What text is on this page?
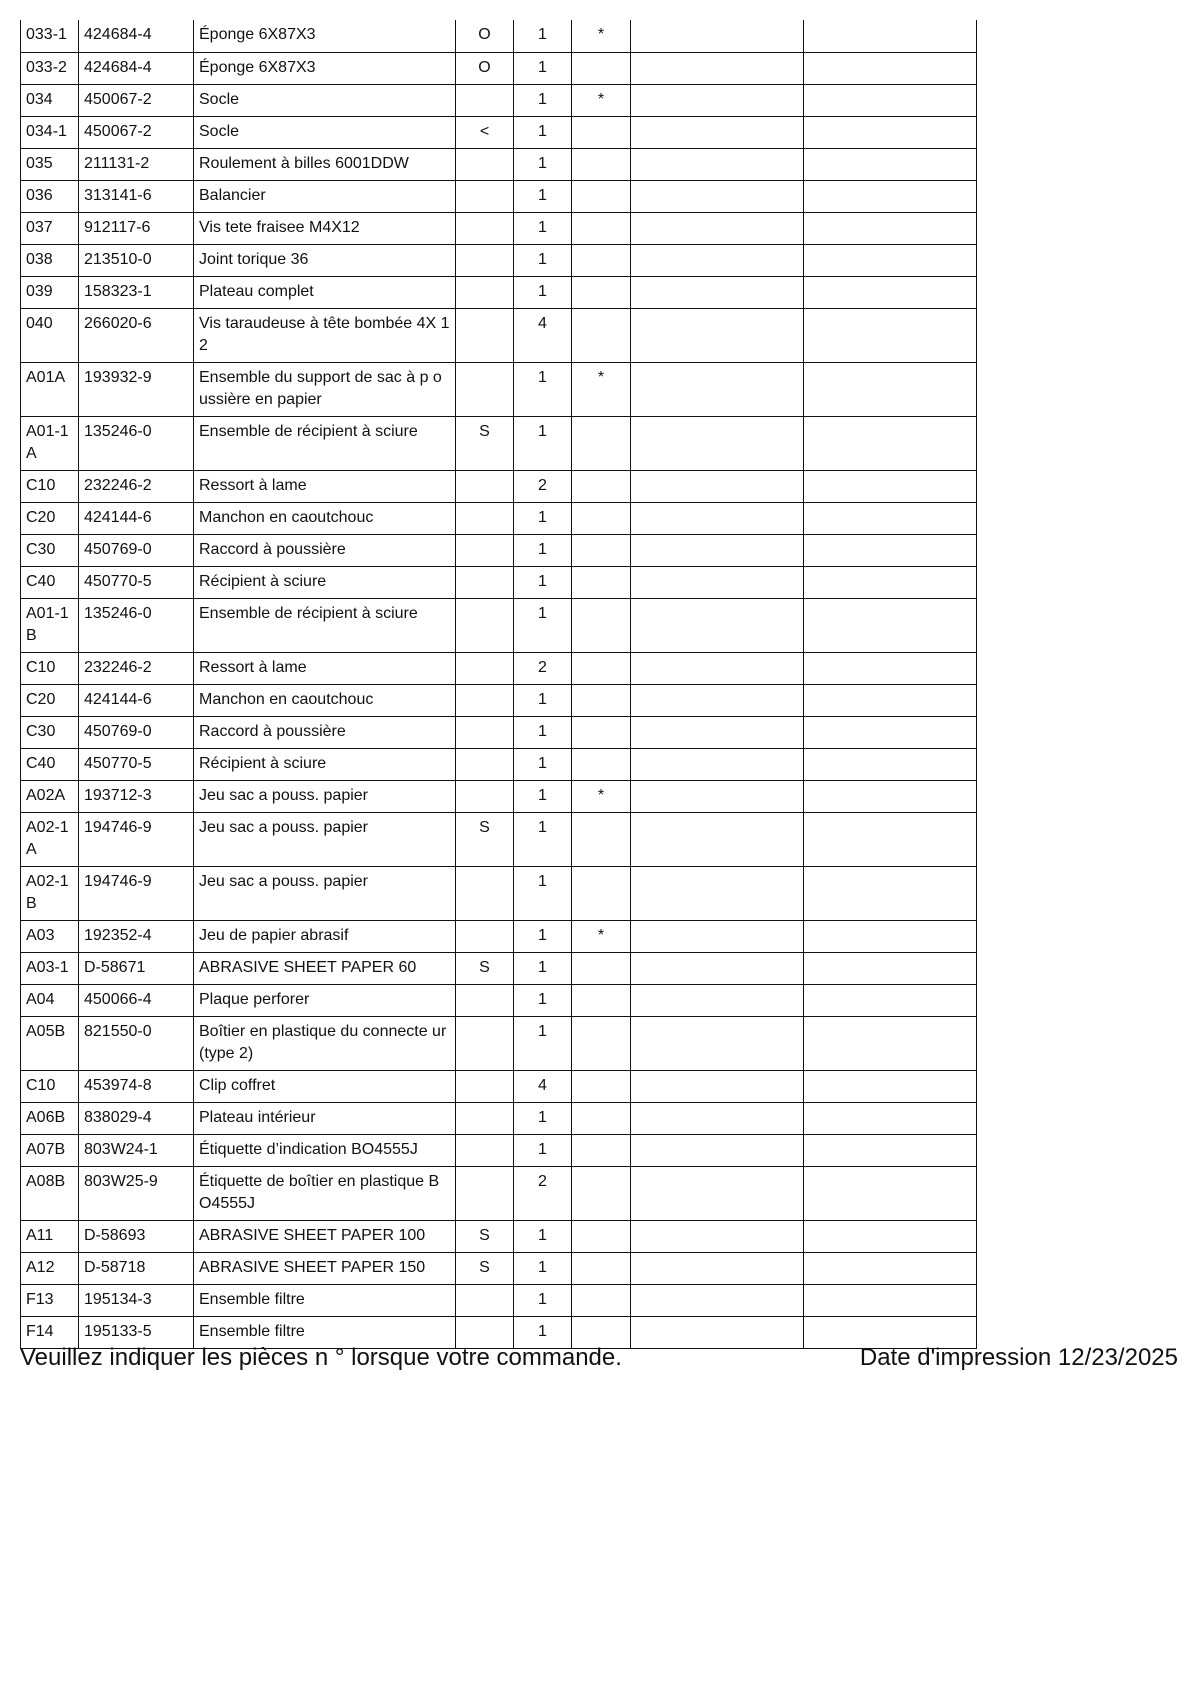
033-1	424684-4	Éponge 6X87X3	O	1	*		
033-2	424684-4	Éponge 6X87X3	O	1			
034	450067-2	Socle		1	*		
034-1	450067-2	Socle	<	1			
035	211131-2	Roulement à billes 6001DDW		1			
036	313141-6	Balancier		1			
037	912117-6	Vis tete fraisee M4X12		1			
038	213510-0	Joint torique 36		1			
039	158323-1	Plateau complet		1			
040	266020-6	Vis taraudeuse à tête bombée 4X 12		4			
A01A	193932-9	Ensemble du support de sac à p oussière en papier		1	*		
A01-1A	135246-0	Ensemble de récipient à sciure	S	1			
C10	232246-2	Ressort à lame		2			
C20	424144-6	Manchon en caoutchouc		1			
C30	450769-0	Raccord à poussière		1			
C40	450770-5	Récipient à sciure		1			
A01-1B	135246-0	Ensemble de récipient à sciure		1			
C10	232246-2	Ressort à lame		2			
C20	424144-6	Manchon en caoutchouc		1			
C30	450769-0	Raccord à poussière		1			
C40	450770-5	Récipient à sciure		1			
A02A	193712-3	Jeu sac a pouss. papier		1	*		
A02-1A	194746-9	Jeu sac a pouss. papier	S	1			
A02-1B	194746-9	Jeu sac a pouss. papier		1			
A03	192352-4	Jeu de papier abrasif		1	*		
A03-1	D-58671	ABRASIVE SHEET PAPER 60	S	1			
A04	450066-4	Plaque perforer		1			
A05B	821550-0	Boîtier en plastique du connecte ur (type 2)		1			
C10	453974-8	Clip coffret		4			
A06B	838029-4	Plateau intérieur		1			
A07B	803W24-1	Étiquette d’indication BO4555J		1			
A08B	803W25-9	Étiquette de boîtier en plastique BO4555J		2			
A11	D-58693	ABRASIVE SHEET PAPER 100	S	1			
A12	D-58718	ABRASIVE SHEET PAPER 150	S	1			
F13	195134-3	Ensemble filtre		1			
F14	195133-5	Ensemble filtre		1			
Veuillez indiquer les pièces n ° lorsque votre commande.	Date d'impression 12/23/2025
